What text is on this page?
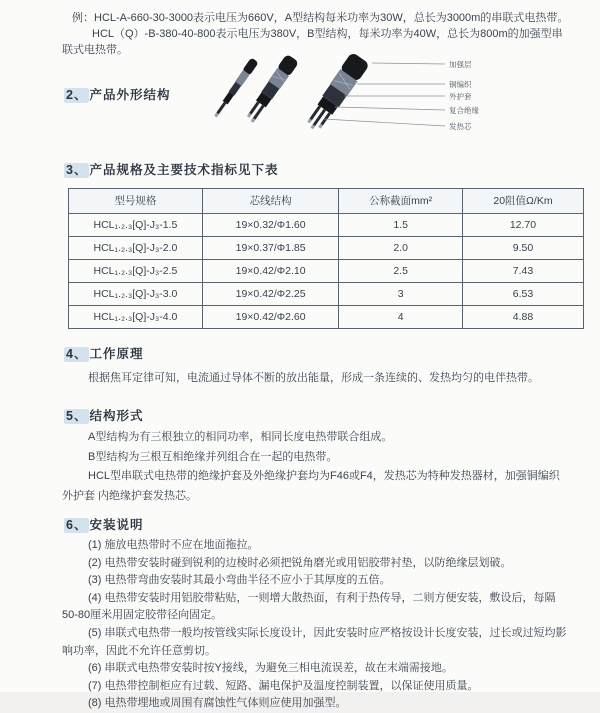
加强层
铜编织
外护套
复合绝缘
发热芯
例：HCL-A-660-30-3000表示电压为660V，A型结构每米功率为30W，总长为3000m的串联式电热带。
HCL（Q）-B-380-40-800表示电压为380V，B型结构，每米功率为40W，总长为800m的加强型串
联式电热带。
2、 产品外形结构
3、 产品规格及主要技术指标见下表
型号规格	芯线结构	公称截面mm²	20阻值Ω/Km
HCL₁.₂.₃[Q]-J₃-1.5	19×0.32/Φ1.60	1.5	12.70
HCL₁.₂.₃[Q]-J₃-2.0	19×0.37/Φ1.85	2.0	9.50
HCL₁.₂.₃[Q]-J₃-2.5	19×0.42/Φ2.10	2.5	7.43
HCL₁.₂.₃[Q]-J₃-3.0	19×0.42/Φ2.25	3	6.53
HCL₁.₂.₃[Q]-J₃-4.0	19×0.42/Φ2.60	4	4.88
4、 工作原理
根据焦耳定律可知，电流通过导体不断的放出能量，形成一条连续的、发热均匀的电伴热带。
5、 结构形式
A型结构为有三根独立的相同功率，相同长度电热带联合组成。
B型结构为三根互相绝缘并列组合在一起的电热带。
HCL型串联式电热带的绝缘护套及外绝缘护套均为F46或F4，发热芯为特种发热器材，加强铜编织
外护套 内绝缘护套发热芯。
6、 安装说明
(1) 施放电热带时不应在地面拖拉。
(2) 电热带安装时碰到锐利的边棱时必须把锐角磨光或用铝胶带衬垫，以防绝缘层划破。
(3) 电热带弯曲安装时其最小弯曲半径不应小于其厚度的五倍。
(4) 电热带安装时用铝胶带粘贴，一则增大散热面，有利于热传导，二则方便安装，敷设后，每隔
50-80厘米用固定胶带径向固定。
(5) 串联式电热带一般均按管线实际长度设计，因此安装时应严格按设计长度安装，过长或过短均影
响功率，因此不允许任意剪切。
(6) 串联式电热带安装时按Y接线，为避免三相电流误差，故在末端需接地。
(7) 电热带控制柜应有过载、短路、漏电保护及温度控制装置，以保证使用质量。
(8) 电热带埋地或周围有腐蚀性气体则应使用加强型。
